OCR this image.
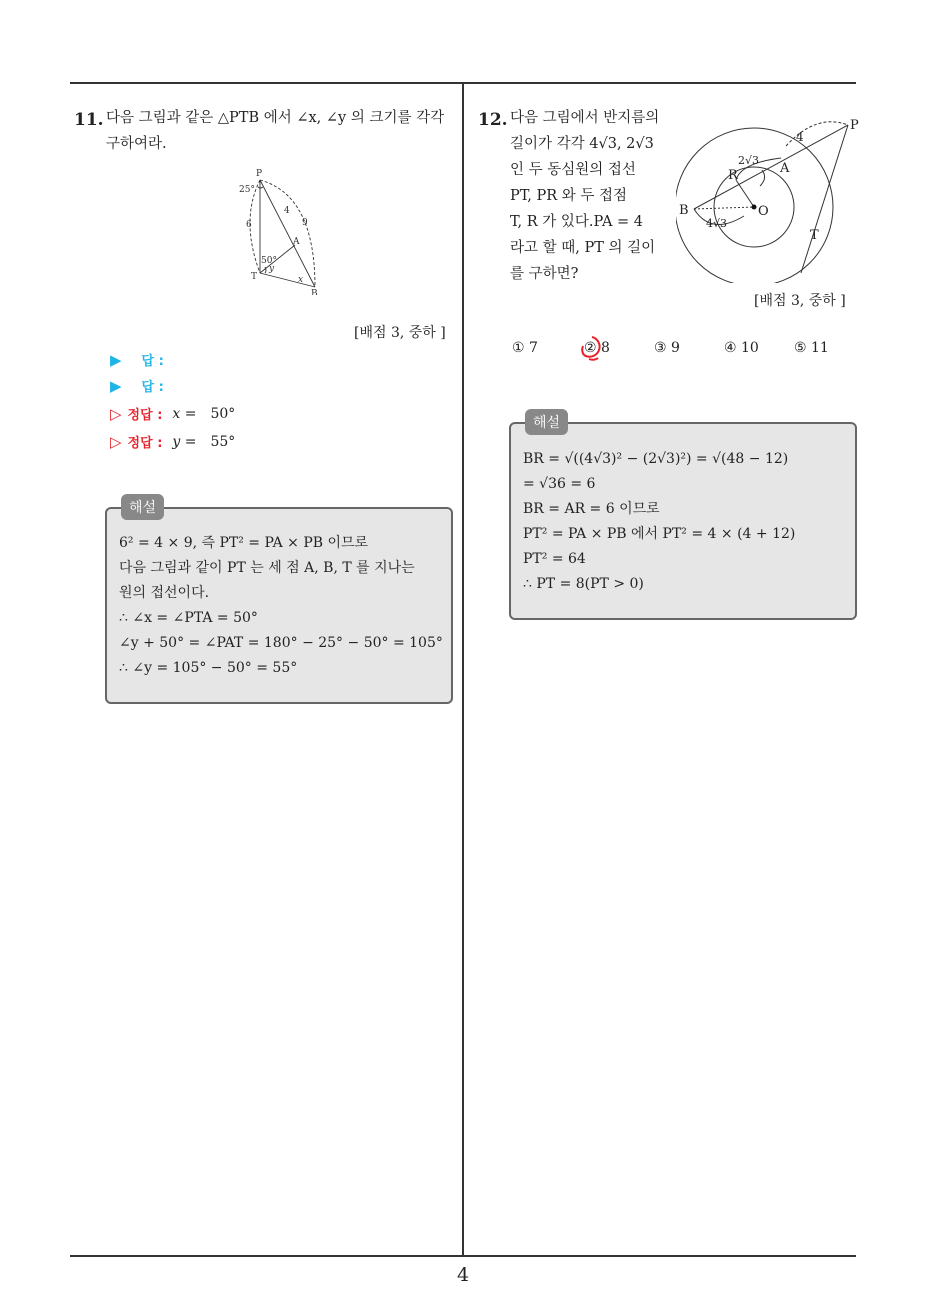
11. 다음 그림과 같은 △PTB 에서 ∠x, ∠y 의 크기를 각각
구하여라.
P
25°
6
4
9
A
50°
y
x
T
B
[배점 3, 중하 ]
▶ 답 :
▶ 답 :
▷ 정답 : x = 50°
▷ 정답 : y = 55°
해설
6² = 4 × 9, 즉 PT² = PA × PB 이므로
다음 그림과 같이 PT 는 세 점 A, B, T 를 지나는
원의 접선이다.
∴ ∠x = ∠PTA = 50°
∠y + 50° = ∠PAT = 180° − 25° − 50° = 105°
∴ ∠y = 105° − 50° = 55°
12. 다음 그림에서 반지름의
길이가 각각 4√3, 2√3
인 두 동심원의 접선
PT, PR 와 두 접점
T, R 가 있다.PA = 4
라고 할 때, PT 의 길이
를 구하면?
P
4
2√3
A
R
B	O
4√3
T
[배점 3, 중하 ]
① 7	② 8	③ 9	④ 10	⑤ 11
해설
BR = √((4√3)² − (2√3)²) = √(48 − 12)
= √36 = 6
BR = AR = 6 이므로
PT² = PA × PB 에서 PT² = 4 × (4 + 12)
PT² = 64
∴ PT = 8(PT > 0)
4
